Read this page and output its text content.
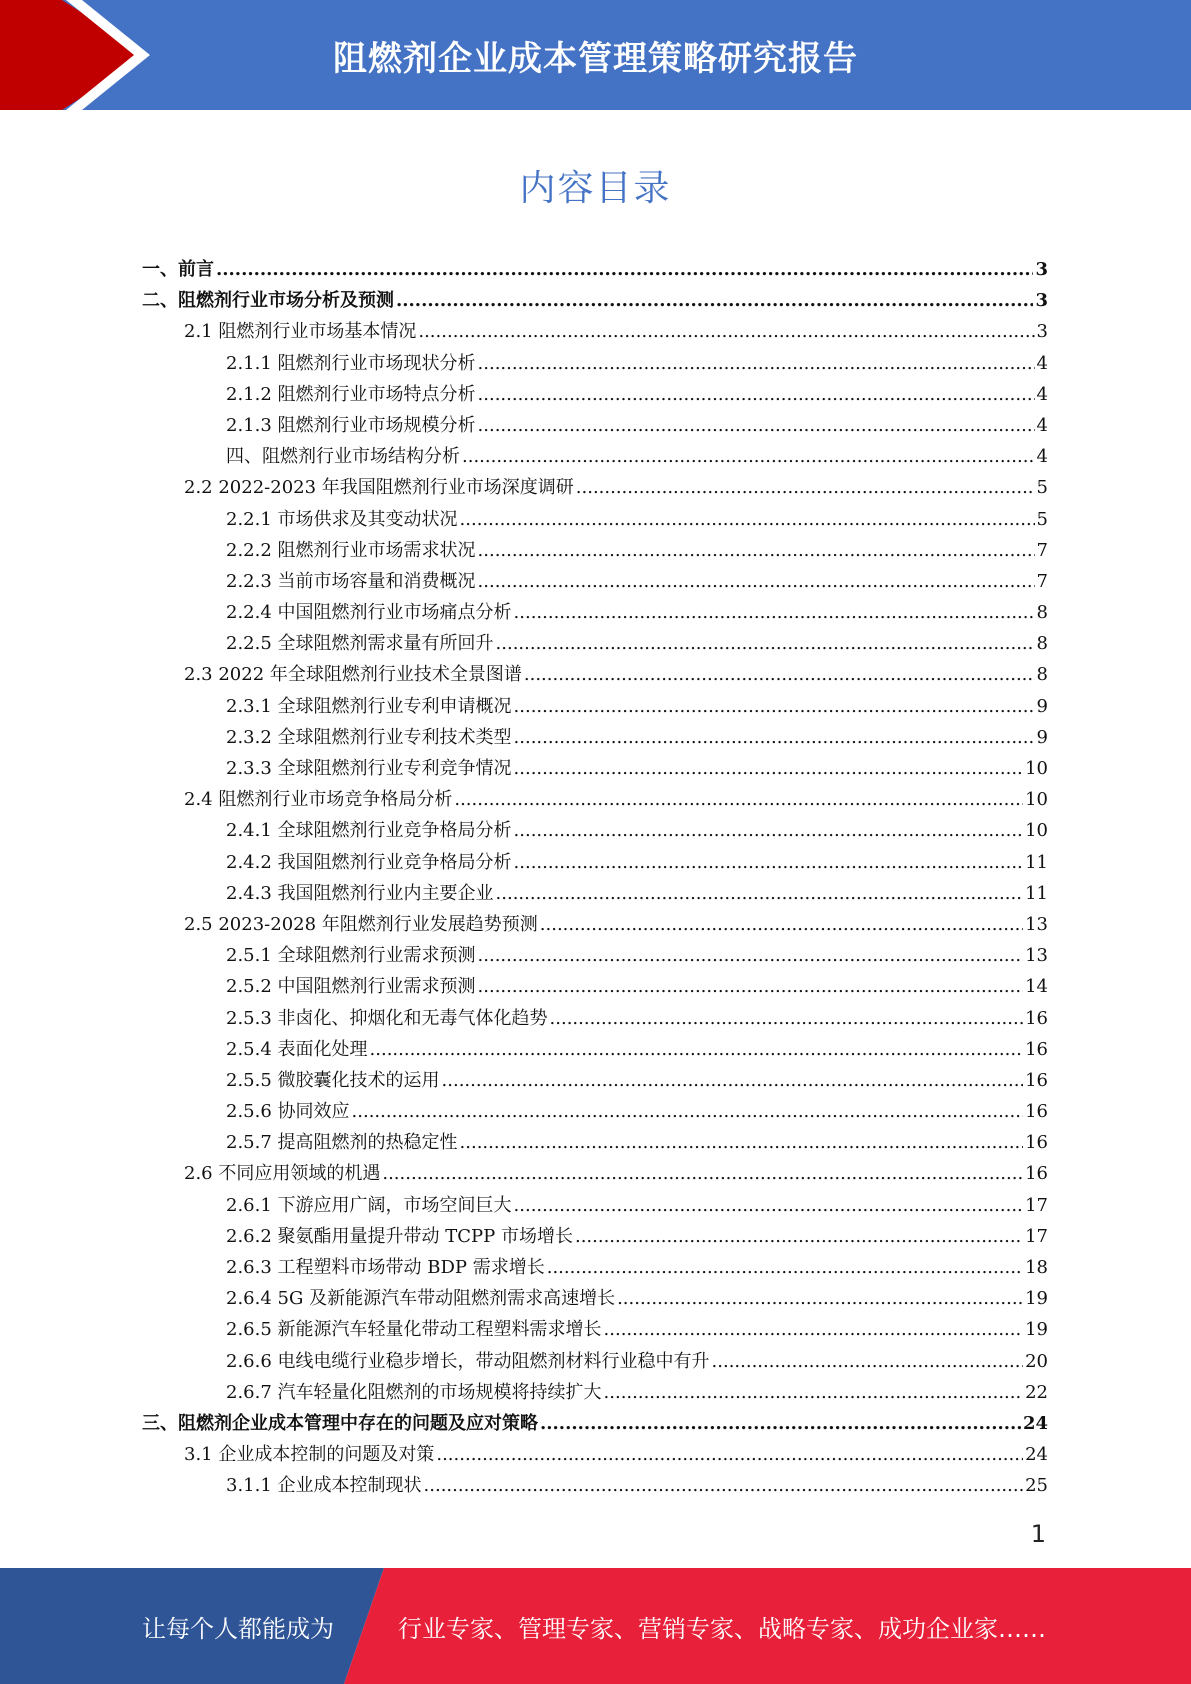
阻燃剂企业成本管理策略研究报告
内容目录
一、前言 .....	3
二、阻燃剂行业市场分析及预测 .....	3
2.1 阻燃剂行业市场基本情况 .....	3
2.1.1 阻燃剂行业市场现状分析 .....	4
2.1.2 阻燃剂行业市场特点分析 .....	4
2.1.3 阻燃剂行业市场规模分析 .....	4
四、阻燃剂行业市场结构分析 .....	4
2.2 2022-2023 年我国阻燃剂行业市场深度调研 .....	5
2.2.1 市场供求及其变动状况 .....	5
2.2.2 阻燃剂行业市场需求状况 .....	7
2.2.3 当前市场容量和消费概况 .....	7
2.2.4 中国阻燃剂行业市场痛点分析 .....	8
2.2.5 全球阻燃剂需求量有所回升 .....	8
2.3 2022 年全球阻燃剂行业技术全景图谱 .....	8
2.3.1 全球阻燃剂行业专利申请概况 .....	9
2.3.2 全球阻燃剂行业专利技术类型 .....	9
2.3.3 全球阻燃剂行业专利竞争情况 .....	10
2.4 阻燃剂行业市场竞争格局分析 .....	10
2.4.1 全球阻燃剂行业竞争格局分析 .....	10
2.4.2 我国阻燃剂行业竞争格局分析 .....	11
2.4.3 我国阻燃剂行业内主要企业 .....	11
2.5 2023-2028 年阻燃剂行业发展趋势预测 .....	13
2.5.1 全球阻燃剂行业需求预测 .....	13
2.5.2 中国阻燃剂行业需求预测 .....	14
2.5.3 非卤化、抑烟化和无毒气体化趋势 .....	16
2.5.4 表面化处理 .....	16
2.5.5 微胶囊化技术的运用 .....	16
2.5.6 协同效应 .....	16
2.5.7 提高阻燃剂的热稳定性 .....	16
2.6 不同应用领域的机遇 .....	16
2.6.1 下游应用广阔，市场空间巨大 .....	17
2.6.2 聚氨酯用量提升带动 TCPP 市场增长 .....	17
2.6.3 工程塑料市场带动 BDP 需求增长 .....	18
2.6.4 5G 及新能源汽车带动阻燃剂需求高速增长 .....	19
2.6.5 新能源汽车轻量化带动工程塑料需求增长 .....	19
2.6.6 电线电缆行业稳步增长，带动阻燃剂材料行业稳中有升 .....	20
2.6.7 汽车轻量化阻燃剂的市场规模将持续扩大 .....	22
三、阻燃剂企业成本管理中存在的问题及应对策略 .....	24
3.1 企业成本控制的问题及对策 .....	24
3.1.1 企业成本控制现状 .....	25
1
让每个人都能成为	行业专家、管理专家、营销专家、战略专家、成功企业家……
